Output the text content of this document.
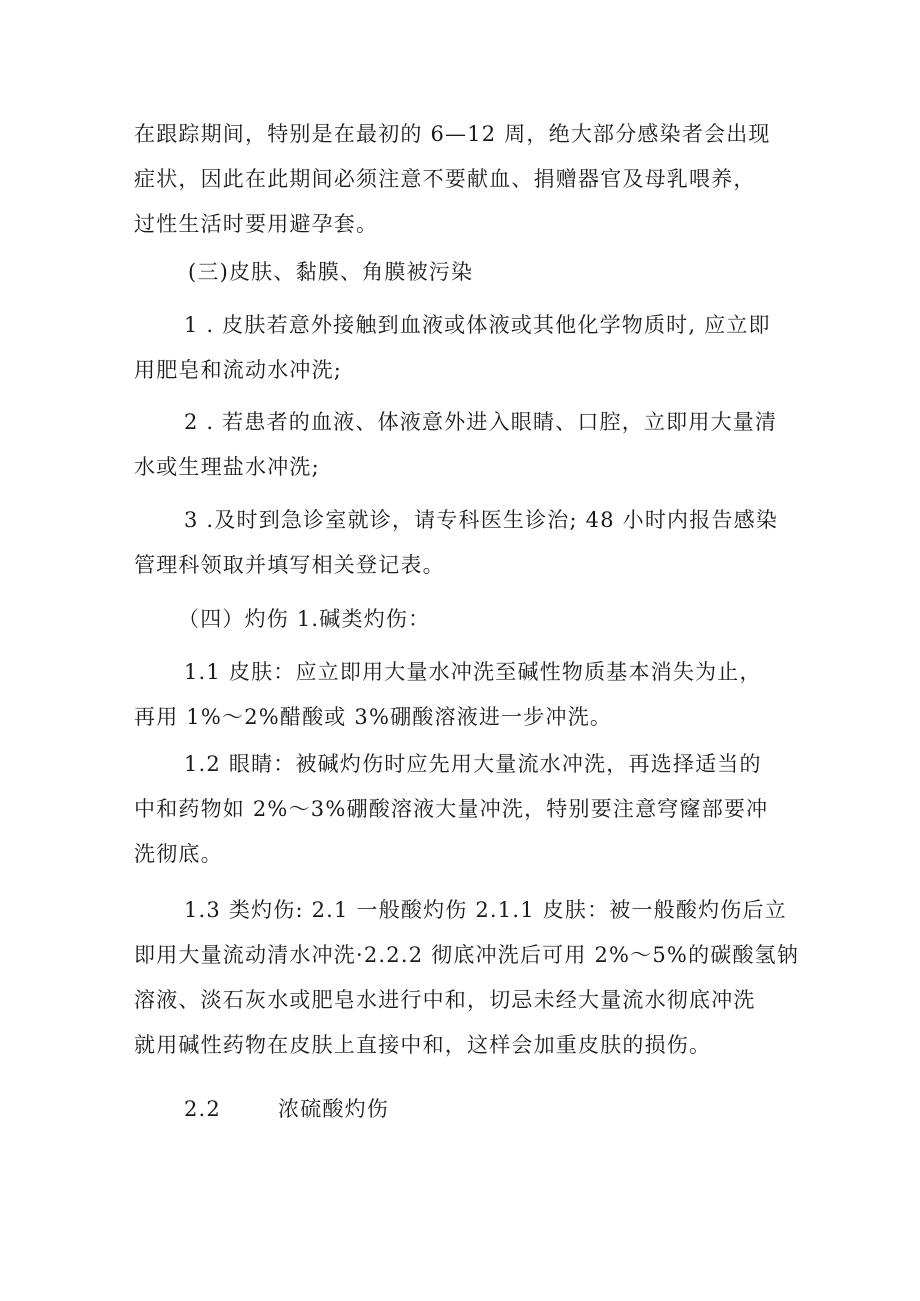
在跟踪期间，特别是在最初的 6—12 周，绝大部分感染者会出现
症状，因此在此期间必须注意不要献血、捐赠器官及母乳喂养，
过性生活时要用避孕套。
(三)皮肤、黏膜、角膜被污染
1 . 皮肤若意外接触到血液或体液或其他化学物质时, 应立即
用肥皂和流动水冲洗;
2 . 若患者的血液、体液意外进入眼睛、口腔，立即用大量清
水或生理盐水冲洗;
3 .及时到急诊室就诊，请专科医生诊治; 48 小时内报告感染
管理科领取并填写相关登记表。
（四）灼伤 1.碱类灼伤：
1.1 皮肤：应立即用大量水冲洗至碱性物质基本消失为止，
再用 1%～2%醋酸或 3%硼酸溶液进一步冲洗。
1.2 眼睛：被碱灼伤时应先用大量流水冲洗，再选择适当的
中和药物如 2%～3%硼酸溶液大量冲洗，特别要注意穹窿部要冲
洗彻底。
1.3 类灼伤: 2.1 一般酸灼伤 2.1.1 皮肤：被一般酸灼伤后立
即用大量流动清水冲洗·2.2.2 彻底冲洗后可用 2%～5%的碳酸氢钠
溶液、淡石灰水或肥皂水进行中和，切忌未经大量流水彻底冲洗
就用碱性药物在皮肤上直接中和，这样会加重皮肤的损伤。
2.2	浓硫酸灼伤
